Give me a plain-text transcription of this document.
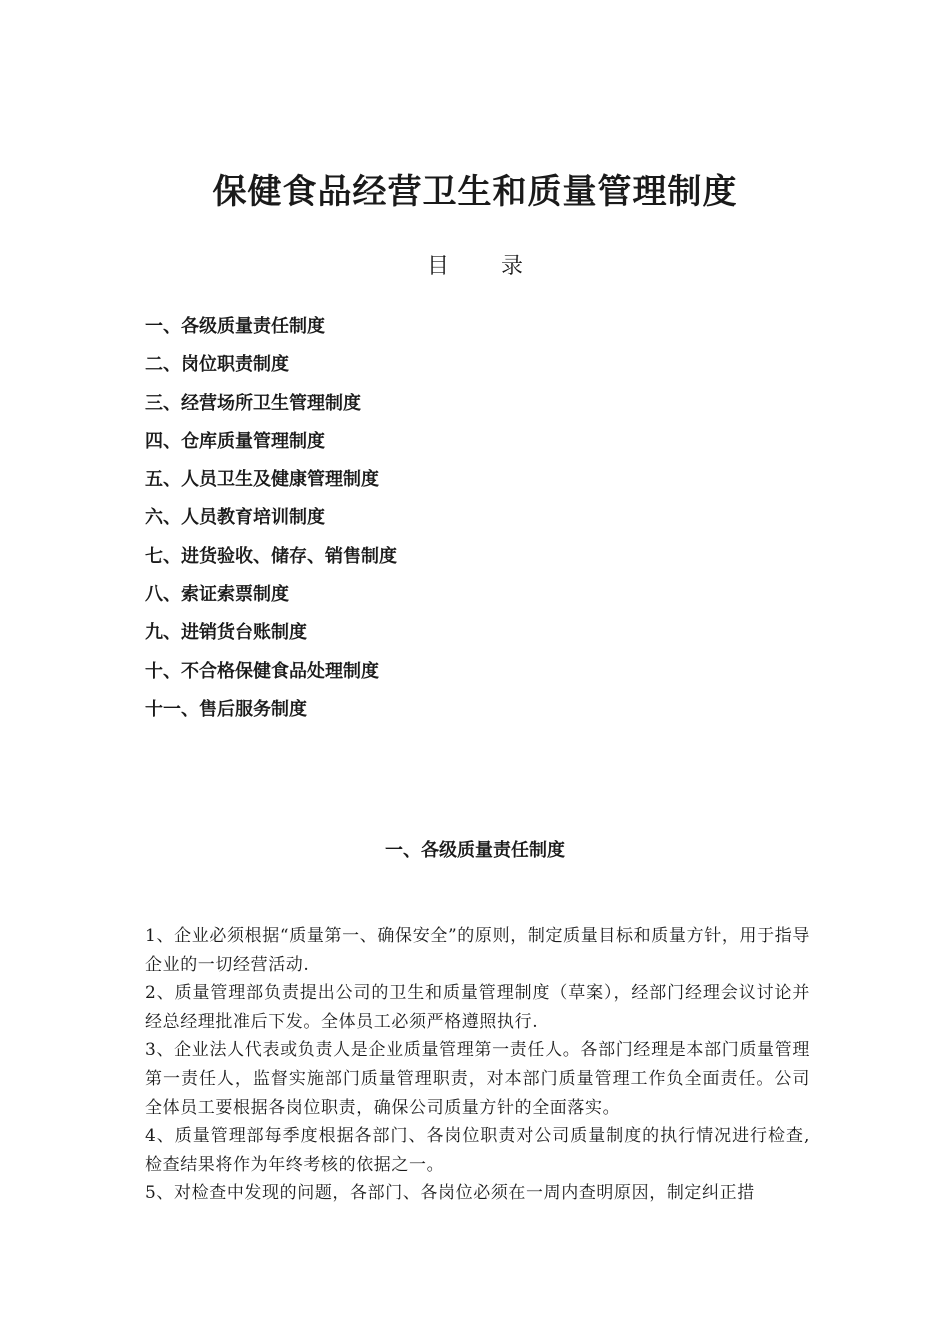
保健食品经营卫生和质量管理制度
目 录
一、各级质量责任制度
二、岗位职责制度
三、经营场所卫生管理制度
四、仓库质量管理制度
五、人员卫生及健康管理制度
六、人员教育培训制度
七、进货验收、储存、销售制度
八、索证索票制度
九、进销货台账制度
十、不合格保健食品处理制度
十一、售后服务制度
一、各级质量责任制度

1、企业必须根据“质量第一、确保安全”的原则，制定质量目标和质量方针，用于指导企业的一切经营活动.

2、质量管理部负责提出公司的卫生和质量管理制度（草案），经部门经理会议讨论并经总经理批准后下发。全体员工必须严格遵照执行.

3、企业法人代表或负责人是企业质量管理第一责任人。各部门经理是本部门质量管理第一责任人，监督实施部门质量管理职责，对本部门质量管理工作负全面责任。公司全体员工要根据各岗位职责，确保公司质量方针的全面落实。

4、质量管理部每季度根据各部门、各岗位职责对公司质量制度的执行情况进行检查,检查结果将作为年终考核的依据之一。

5、对检查中发现的问题，各部门、各岗位必须在一周内查明原因，制定纠正措
